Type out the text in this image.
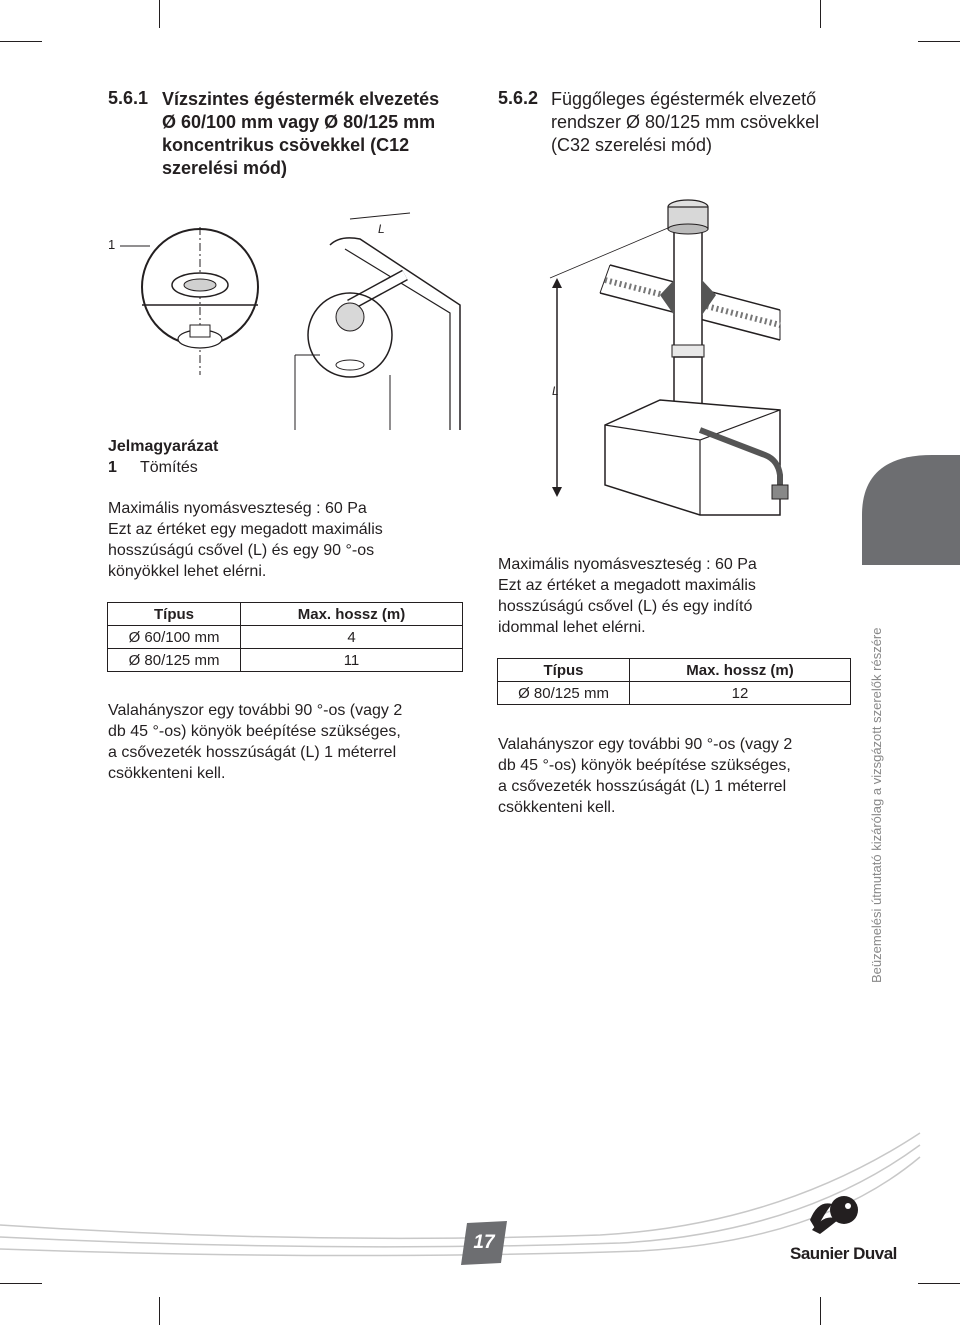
5.6.1 Vízszintes égéstermék elvezetés
Ø 60/100 mm vagy Ø 80/125 mm
koncentrikus csövekkel (C12
szerelési mód)
1
L
Jelmagyarázat
1 Tömítés
Maximális nyomásveszteség : 60 Pa
Ezt az értéket egy megadott maximális
hosszúságú csővel (L) és egy 90 °-os
könyökkel lehet elérni.
Típus	Max. hossz (m)
Ø 60/100 mm	4
Ø 80/125 mm	11
Valahányszor egy további 90 °-os (vagy 2
db 45 °-os) könyök beépítése szükséges,
a csővezeték hosszúságát (L) 1 méterrel
csökkenteni kell.
5.6.2 Függőleges égéstermék elvezető
rendszer Ø 80/125 mm csövekkel
(C32 szerelési mód)
L
Maximális nyomásveszteség : 60 Pa
Ezt az értéket a megadott maximális
hosszúságú csővel (L) és egy indító
idommal lehet elérni.
Típus	Max. hossz (m)
Ø 80/125 mm	12
Valahányszor egy további 90 °-os (vagy 2
db 45 °-os) könyök beépítése szükséges,
a csővezeték hosszúságát (L) 1 méterrel
csökkenteni kell.	Beüzemelési útmutató kizárólag a vizsgázott szerelők részére
17
Saunier Duval
